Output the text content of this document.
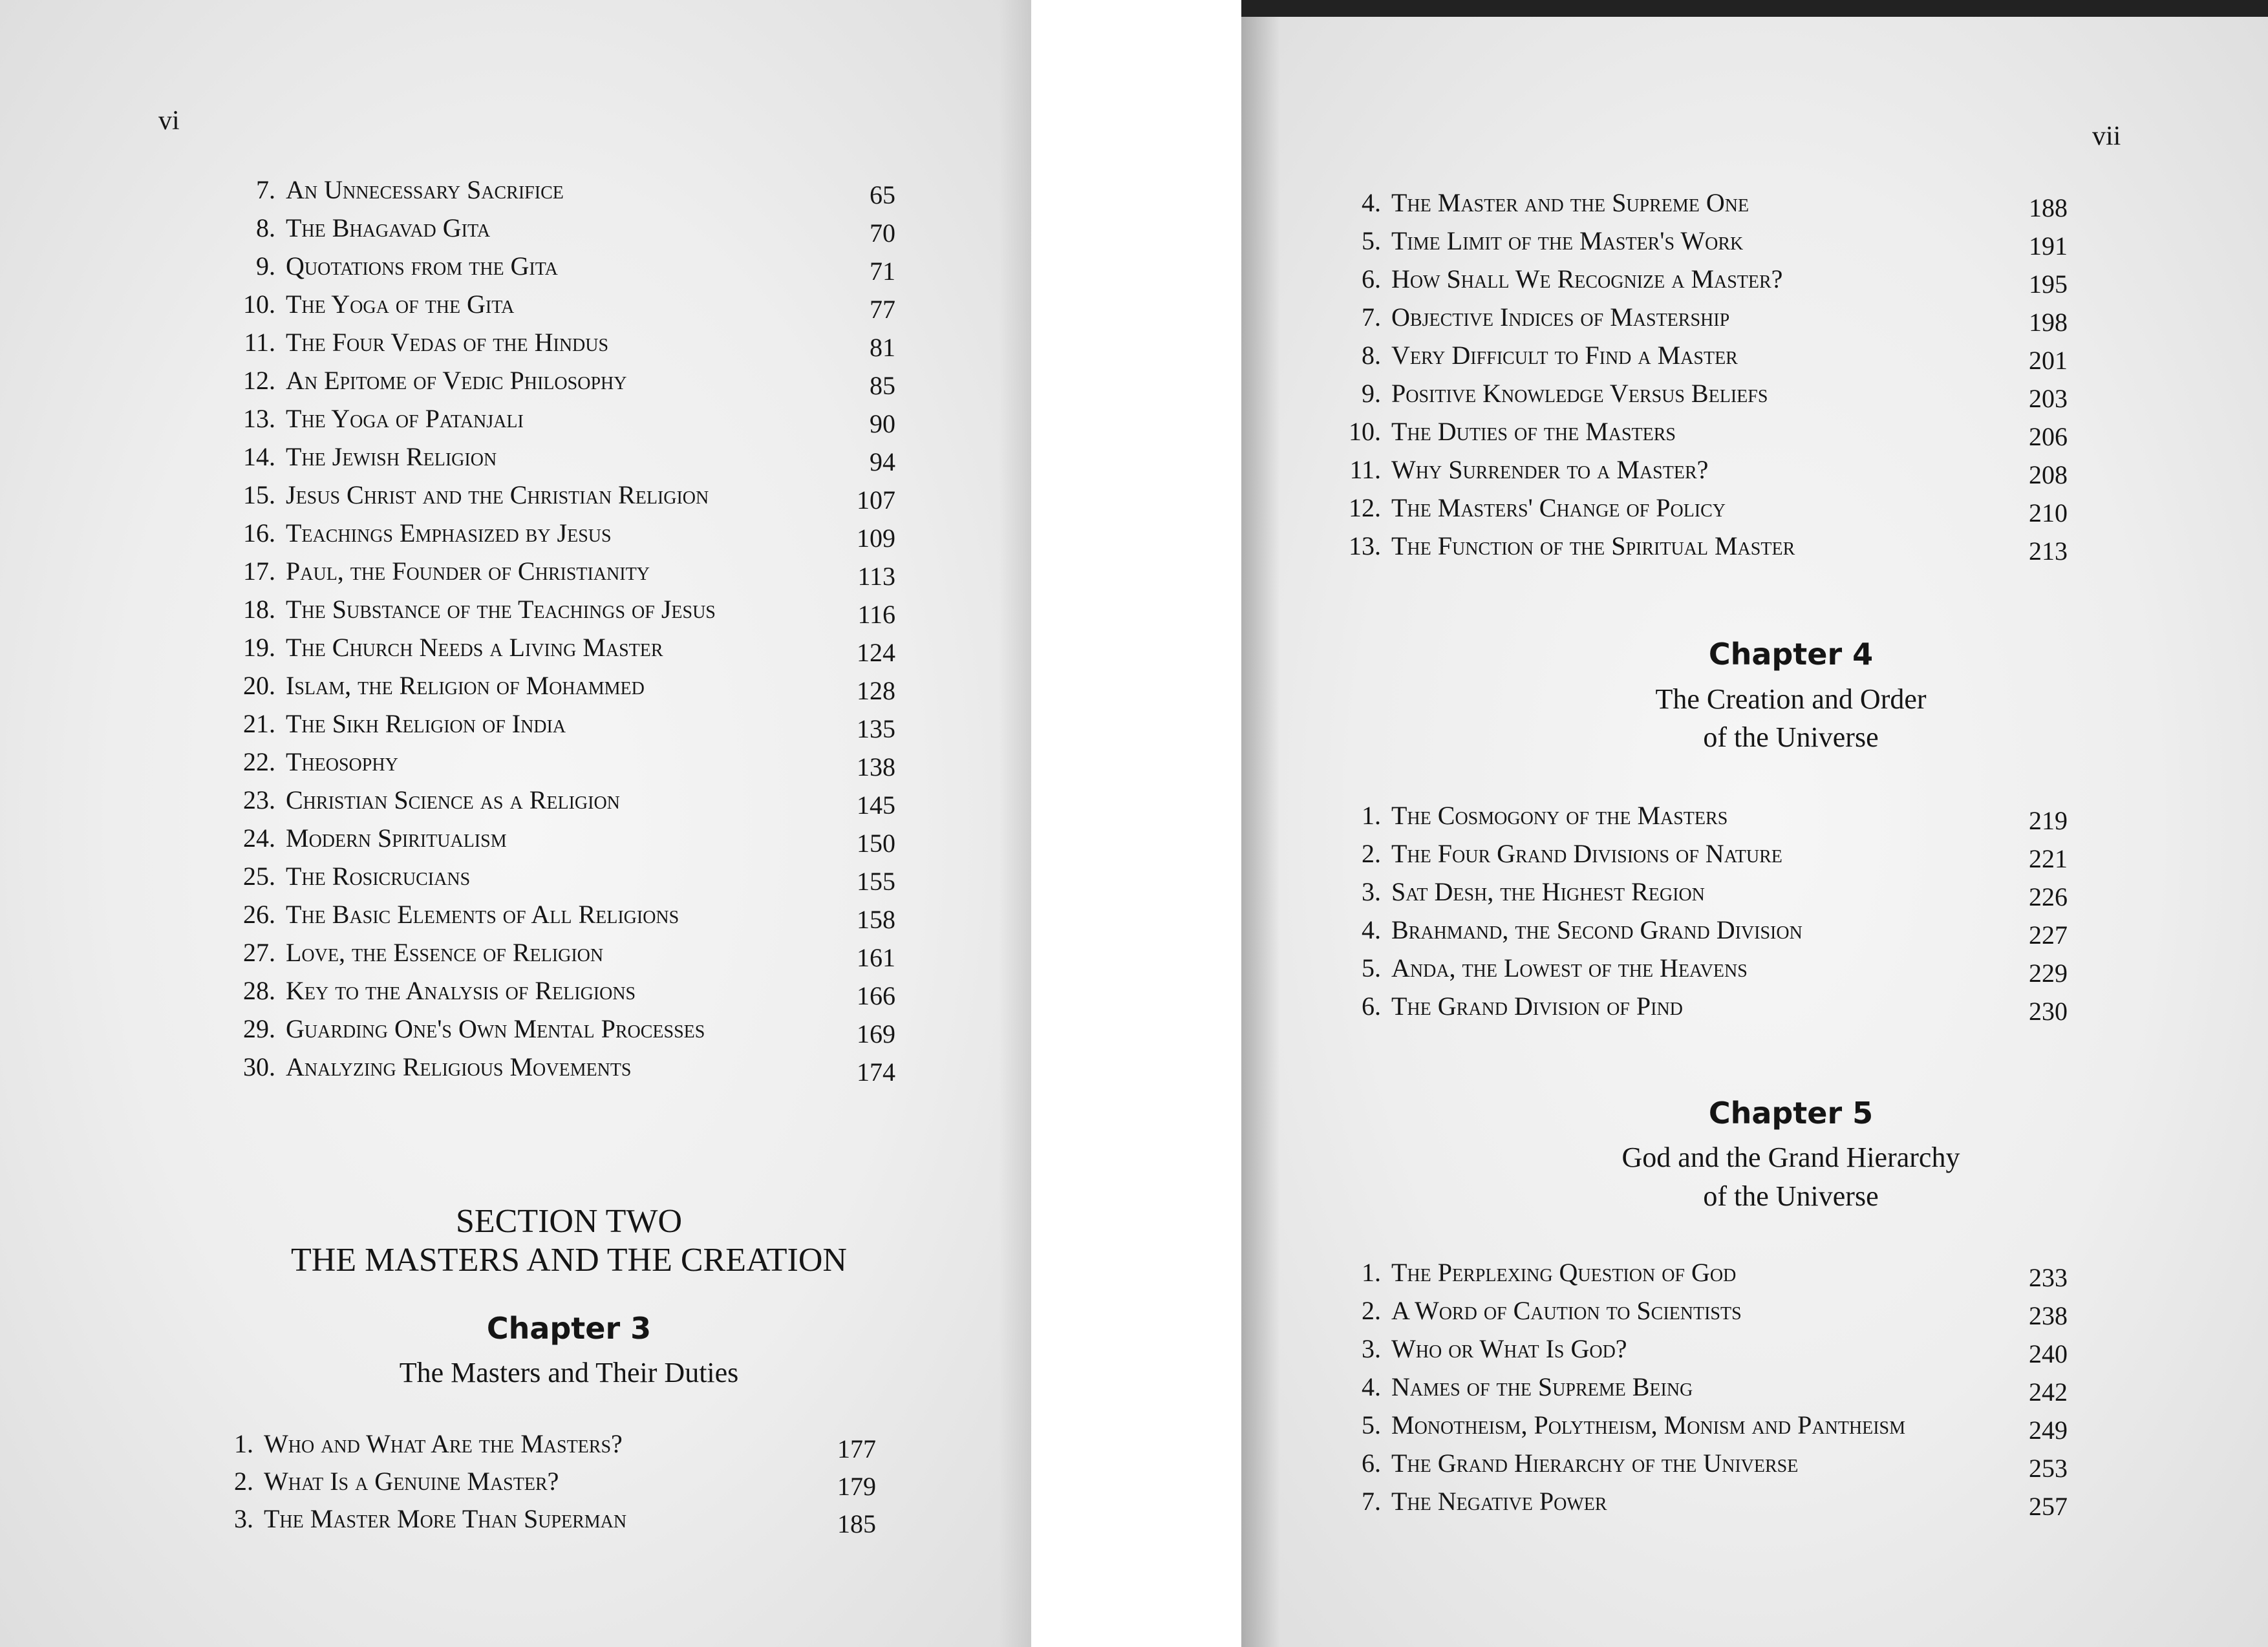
vi
SECTION TWO
THE MASTERS AND THE CREATION
Chapter 3
The Masters and Their Duties
7. An Unnecessary Sacrifice	65
8. The Bhagavad Gita	70
9. Quotations from the Gita	71
10. The Yoga of the Gita	77
11. The Four Vedas of the Hindus	81
12. An Epitome of Vedic Philosophy	85
13. The Yoga of Patanjali	90
14. The Jewish Religion	94
15. Jesus Christ and the Christian Religion	107
16. Teachings Emphasized by Jesus	109
17. Paul, the Founder of Christianity	113
18. The Substance of the Teachings of Jesus	116
19. The Church Needs a Living Master	124
20. Islam, the Religion of Mohammed	128
21. The Sikh Religion of India	135
22. Theosophy	138
23. Christian Science as a Religion	145
24. Modern Spiritualism	150
25. The Rosicrucians	155
26. The Basic Elements of All Religions	158
27. Love, the Essence of Religion	161
28. Key to the Analysis of Religions	166
29. Guarding One's Own Mental Processes	169
30. Analyzing Religious Movements	174
1. Who and What Are the Masters?	177
2. What Is a Genuine Master?	179
3. The Master More Than Superman	185
vii
Chapter 4
The Creation and Order
of the Universe
Chapter 5
God and the Grand Hierarchy
of the Universe
4. The Master and the Supreme One	188
5. Time Limit of the Master's Work	191
6. How Shall We Recognize a Master?	195
7. Objective Indices of Mastership	198
8. Very Difficult to Find a Master	201
9. Positive Knowledge Versus Beliefs	203
10. The Duties of the Masters	206
11. Why Surrender to a Master?	208
12. The Masters' Change of Policy	210
13. The Function of the Spiritual Master	213
1. The Cosmogony of the Masters	219
2. The Four Grand Divisions of Nature	221
3. Sat Desh, the Highest Region	226
4. Brahmand, the Second Grand Division	227
5. Anda, the Lowest of the Heavens	229
6. The Grand Division of Pind	230
1. The Perplexing Question of God	233
2. A Word of Caution to Scientists	238
3. Who or What Is God?	240
4. Names of the Supreme Being	242
5. Monotheism, Polytheism, Monism and Pantheism	249
6. The Grand Hierarchy of the Universe	253
7. The Negative Power	257
